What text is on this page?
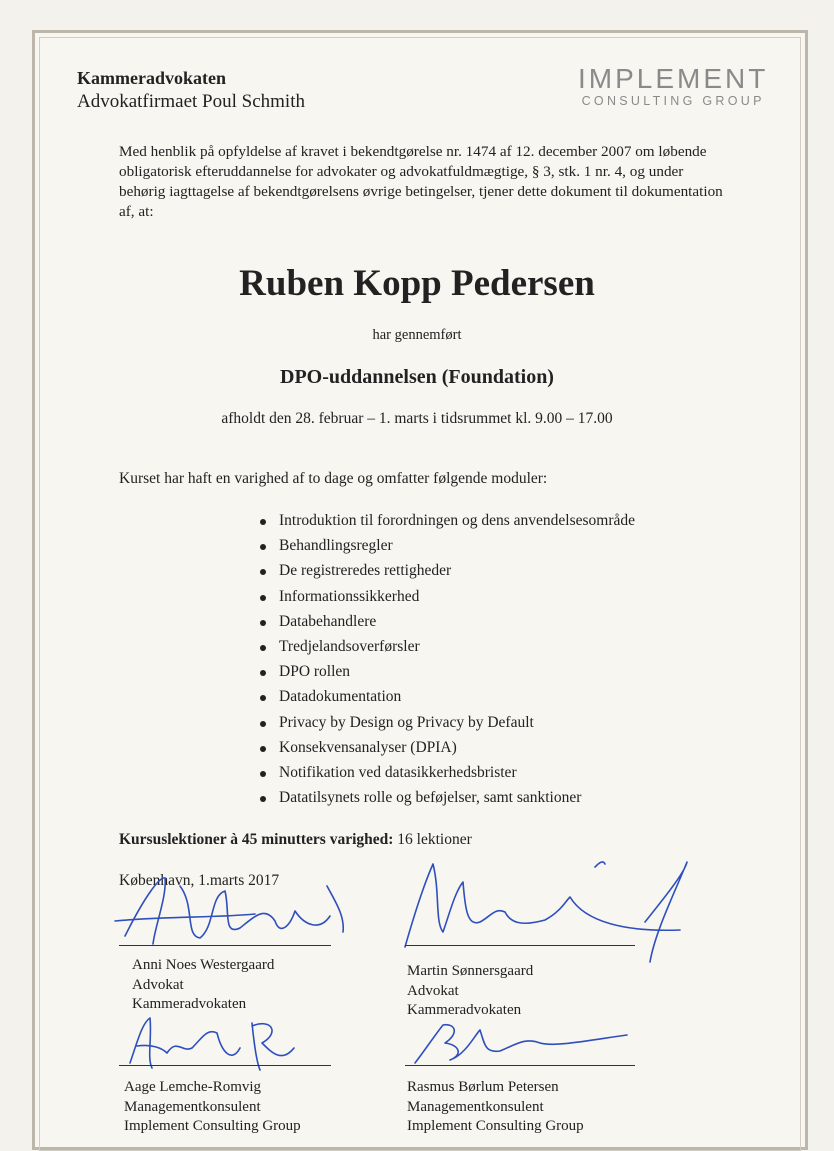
Kammeradvokaten
Advokatfirmaet Poul Schmith
IMPLEMENT
CONSULTING GROUP
Med henblik på opfyldelse af kravet i bekendtgørelse nr. 1474 af 12. december 2007 om løbende obligatorisk efteruddannelse for advokater og advokatfuldmægtige, § 3, stk. 1 nr. 4, og under behørig iagttagelse af bekendtgørelsens øvrige betingelser, tjener dette dokument til dokumentation af, at:
Ruben Kopp Pedersen
har gennemført
DPO-uddannelsen (Foundation)
afholdt den 28. februar – 1. marts i tidsrummet kl. 9.00 – 17.00
Kurset har haft en varighed af to dage og omfatter følgende moduler:
Introduktion til forordningen og dens anvendelsesområde
Behandlingsregler
De registreredes rettigheder
Informationssikkerhed
Databehandlere
Tredjelandsoverførsler
DPO rollen
Datadokumentation
Privacy by Design og Privacy by Default
Konsekvensanalyser (DPIA)
Notifikation ved datasikkerhedsbrister
Datatilsynets rolle og beføjelser, samt sanktioner
Kursuslektioner à 45 minutters varighed: 16 lektioner
København, 1.marts 2017
Anni Noes Westergaard
Advokat
Kammeradvokaten
Martin Sønnersgaard
Advokat
Kammeradvokaten
Aage Lemche-Romvig
Managementkonsulent
Implement Consulting Group
Rasmus Børlum Petersen
Managementkonsulent
Implement Consulting Group
